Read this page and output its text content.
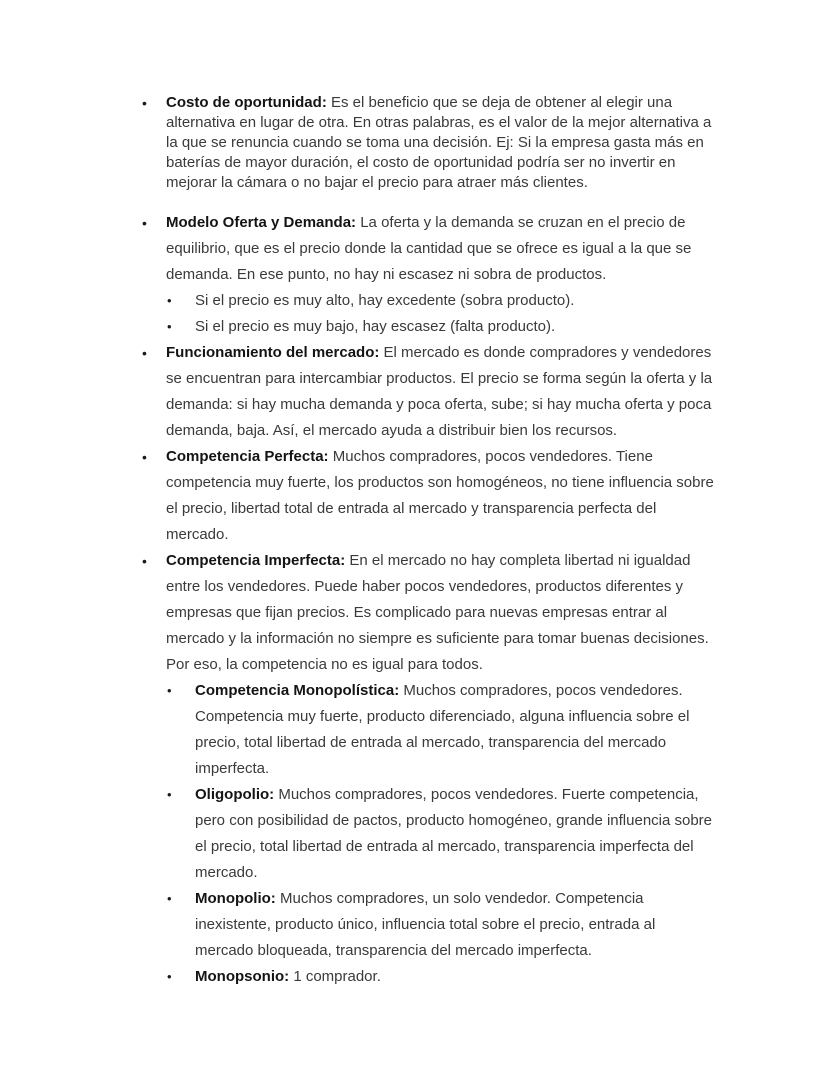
•	Costo de oportunidad: Es el beneficio que se deja de obtener al elegir una alternativa en lugar de otra. En otras palabras, es el valor de la mejor alternativa a la que se renuncia cuando se toma una decisión. Ej: Si la empresa gasta más en baterías de mayor duración, el costo de oportunidad podría ser no invertir en mejorar la cámara o no bajar el precio para atraer más clientes.

•	Modelo Oferta y Demanda: La oferta y la demanda se cruzan en el precio de equilibrio, que es el precio donde la cantidad que se ofrece es igual a la que se demanda. En ese punto, no hay ni escasez ni sobra de productos.

•	Si el precio es muy alto, hay excedente (sobra producto).

•	Si el precio es muy bajo, hay escasez (falta producto).

•	Funcionamiento del mercado: El mercado es donde compradores y vendedores se encuentran para intercambiar productos. El precio se forma según la oferta y la demanda: si hay mucha demanda y poca oferta, sube; si hay mucha oferta y poca demanda, baja. Así, el mercado ayuda a distribuir bien los recursos.

•	Competencia Perfecta: Muchos compradores, pocos vendedores. Tiene competencia muy fuerte, los productos son homogéneos, no tiene influencia sobre el precio, libertad total de entrada al mercado y transparencia perfecta del mercado.

•	Competencia Imperfecta: En el mercado no hay completa libertad ni igualdad entre los vendedores. Puede haber pocos vendedores, productos diferentes y empresas que fijan precios. Es complicado para nuevas empresas entrar al mercado y la información no siempre es suficiente para tomar buenas decisiones. Por eso, la competencia no es igual para todos.

•	Competencia Monopolística: Muchos compradores, pocos vendedores. Competencia muy fuerte, producto diferenciado, alguna influencia sobre el precio, total libertad de entrada al mercado, transparencia del mercado imperfecta.

•	Oligopolio: Muchos compradores, pocos vendedores. Fuerte competencia, pero con posibilidad de pactos, producto homogéneo, grande influencia sobre el precio, total libertad de entrada al mercado, transparencia imperfecta del mercado.

•	Monopolio: Muchos compradores, un solo vendedor. Competencia inexistente, producto único, influencia total sobre el precio, entrada al mercado bloqueada, transparencia del mercado imperfecta.

•	Monopsonio: 1 comprador.
